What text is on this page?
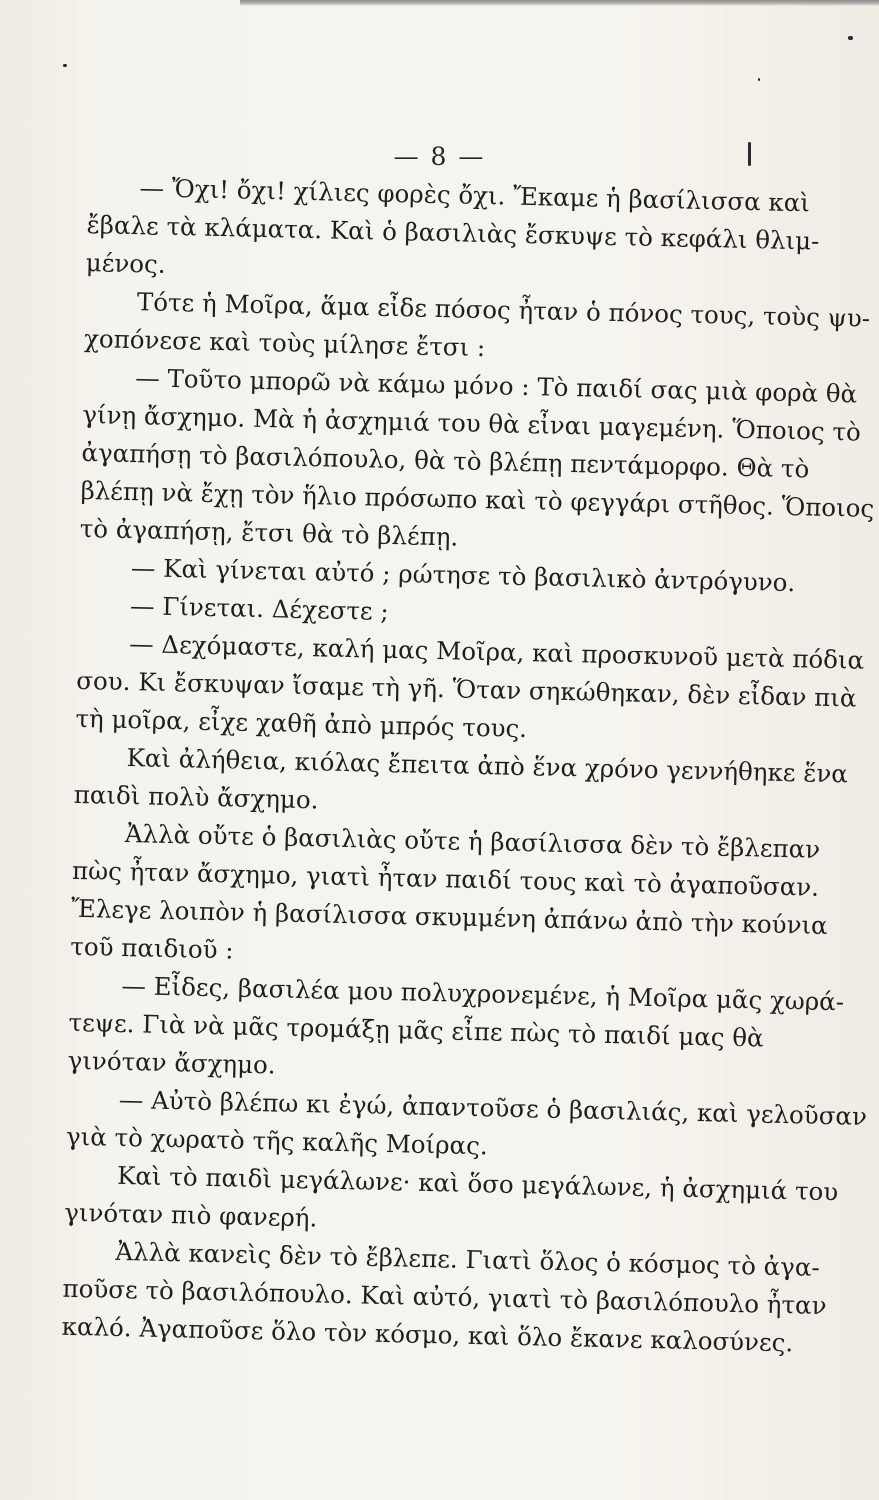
— 8 —

— Ὄχι! ὄχι! χίλιες φορὲς ὄχι. Ἔκαμε ἡ βασίλισσα καὶ
ἔβαλε τὰ κλάματα. Καὶ ὁ βασιλιὰς ἔσκυψε τὸ κεφάλι θλιμ-
μένος.

Τότε ἡ Μοῖρα, ἅμα εἶδε πόσος ἦταν ὁ πόνος τους, τοὺς ψυ-
χοπόνεσε καὶ τοὺς μίλησε ἔτσι :

— Τοῦτο μπορῶ νὰ κάμω μόνο : Τὸ παιδί σας μιὰ φορὰ θὰ
γίνῃ ἄσχημο. Μὰ ἡ ἀσχημιά του θὰ εἶναι μαγεμένη. Ὅποιος τὸ
ἀγαπήσῃ τὸ βασιλόπουλο, θὰ τὸ βλέπῃ πεντάμορφο. Θὰ τὸ
βλέπῃ νὰ ἔχῃ τὸν ἥλιο πρόσωπο καὶ τὸ φεγγάρι στῆθος. Ὅποιος
τὸ ἀγαπήσῃ, ἔτσι θὰ τὸ βλέπῃ.

— Καὶ γίνεται αὐτό ; ρώτησε τὸ βασιλικὸ ἀντρόγυνο.

— Γίνεται. Δέχεστε ;

— Δεχόμαστε, καλή μας Μοῖρα, καὶ προσκυνοῦ μετὰ πόδια
σου. Κι ἔσκυψαν ἴσαμε τὴ γῆ. Ὅταν σηκώθηκαν, δὲν εἶδαν πιὰ
τὴ μοῖρα, εἶχε χαθῆ ἀπὸ μπρός τους.

Καὶ ἀλήθεια, κιόλας ἔπειτα ἀπὸ ἕνα χρόνο γεννήθηκε ἕνα
παιδὶ πολὺ ἄσχημο.

Ἀλλὰ οὔτε ὁ βασιλιὰς οὔτε ἡ βασίλισσα δὲν τὸ ἔβλεπαν
πὼς ἦταν ἄσχημο, γιατὶ ἦταν παιδί τους καὶ τὸ ἀγαποῦσαν.
Ἔλεγε λοιπὸν ἡ βασίλισσα σκυμμένη ἀπάνω ἀπὸ τὴν κούνια
τοῦ παιδιοῦ :

— Εἶδες, βασιλέα μου πολυχρονεμένε, ἡ Μοῖρα μᾶς χωρά-
τεψε. Γιὰ νὰ μᾶς τρομάξῃ μᾶς εἶπε πὼς τὸ παιδί μας θὰ
γινόταν ἄσχημο.

— Αὐτὸ βλέπω κι ἐγώ, ἀπαντοῦσε ὁ βασιλιάς, καὶ γελοῦσαν
γιὰ τὸ χωρατὸ τῆς καλῆς Μοίρας.

Καὶ τὸ παιδὶ μεγάλωνε· καὶ ὅσο μεγάλωνε, ἡ ἀσχημιά του
γινόταν πιὸ φανερή.

Ἀλλὰ κανεὶς δὲν τὸ ἔβλεπε. Γιατὶ ὅλος ὁ κόσμος τὸ ἀγα-
ποῦσε τὸ βασιλόπουλο. Καὶ αὐτό, γιατὶ τὸ βασιλόπουλο ἦταν
καλό. Ἀγαποῦσε ὅλο τὸν κόσμο, καὶ ὅλο ἔκανε καλοσύνες.
